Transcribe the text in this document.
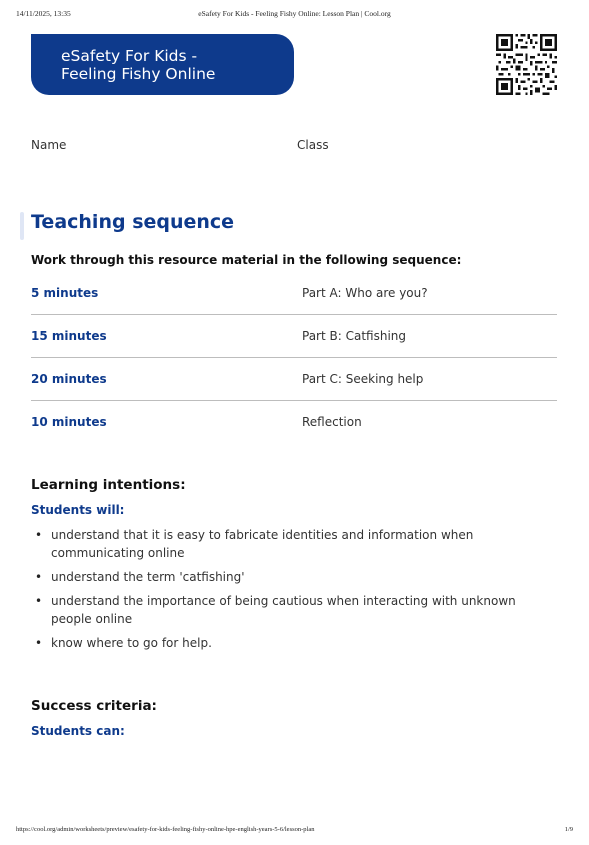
14/11/2025, 13:35	eSafety For Kids - Feeling Fishy Online: Lesson Plan | Cool.org
eSafety For Kids -
Feeling Fishy Online
Name	Class
Teaching sequence
Work through this resource material in the following sequence:
5 minutes	Part A: Who are you?
15 minutes	Part B: Catfishing
20 minutes	Part C: Seeking help
10 minutes	Reflection
Learning intentions:
Students will:
• understand that it is easy to fabricate identities and information when communicating online
• understand the term 'catfishing'
• understand the importance of being cautious when interacting with unknown people online
• know where to go for help.
Success criteria:
Students can:
https://cool.org/admin/worksheets/preview/esafety-for-kids-feeling-fishy-online-hpe-english-years-5-6/lesson-plan	1/9
